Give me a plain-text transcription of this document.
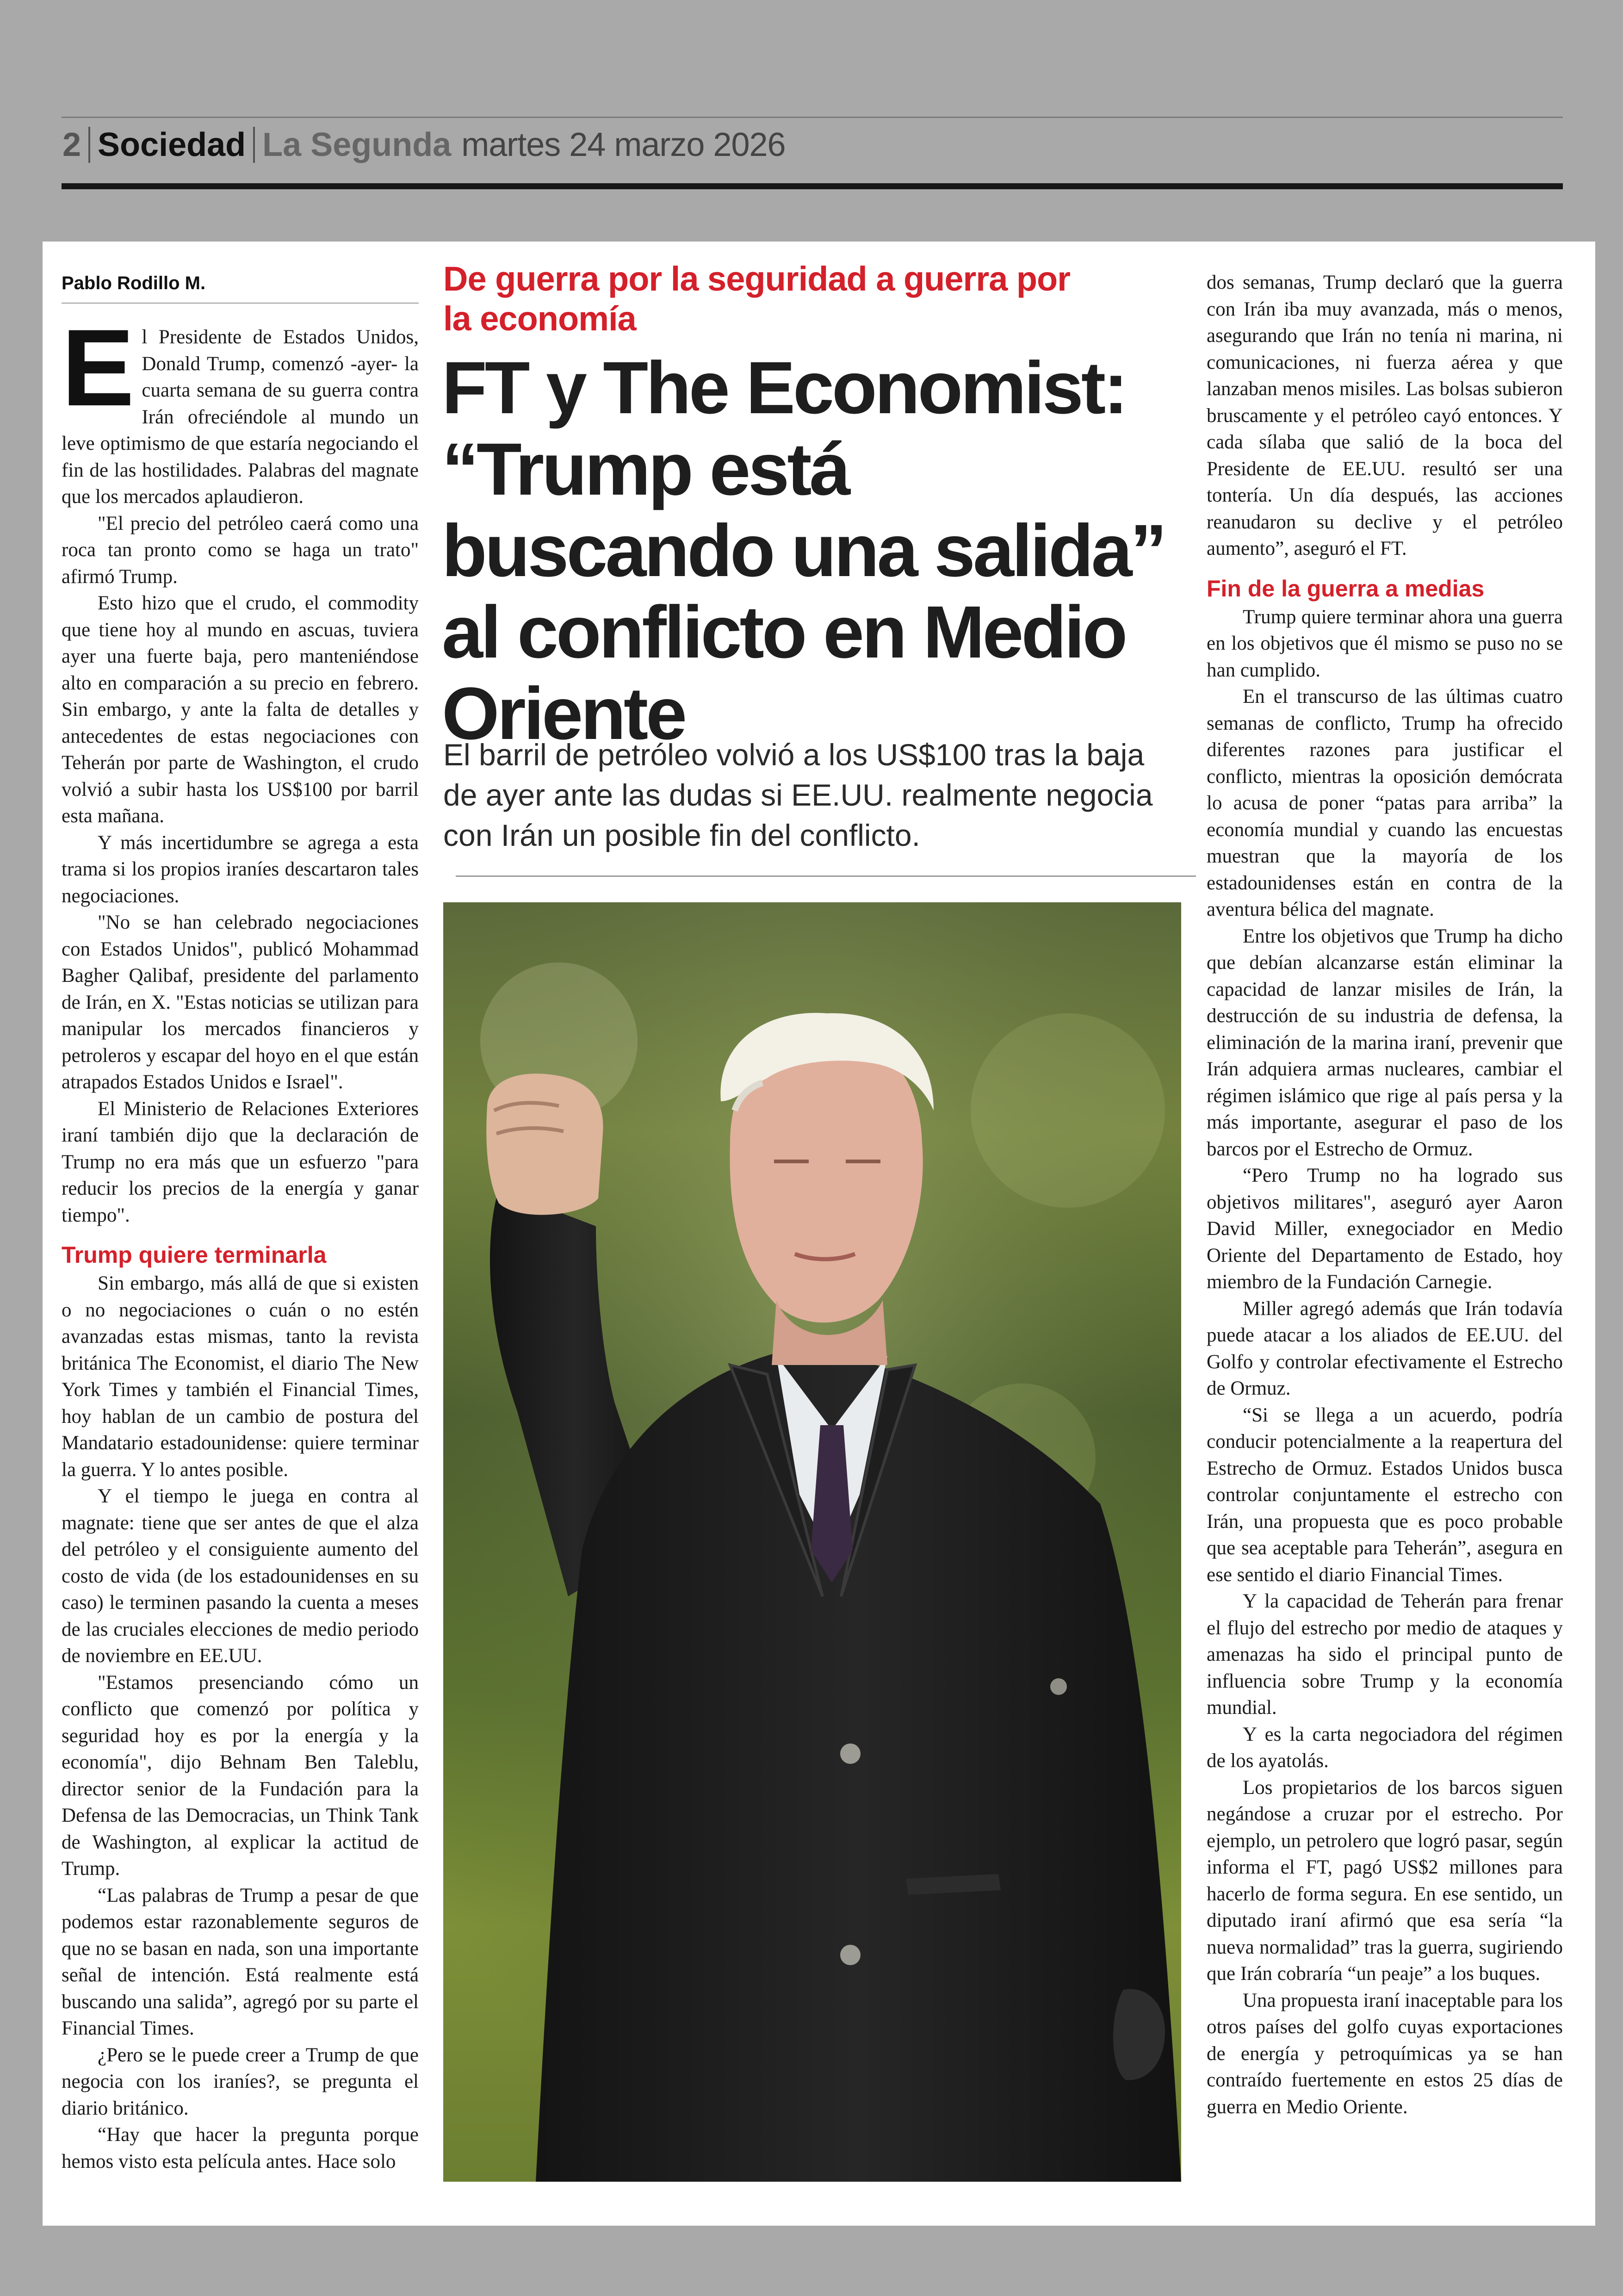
2 Sociedad La Segunda martes 24 marzo 2026
Pablo Rodillo M.

El Presidente de Estados Unidos, Donald Trump, comenzó -ayer- la cuarta semana de su guerra contra Irán ofreciéndole al mundo un leve optimismo de que estaría negociando el fin de las hostilidades. Palabras del magnate que los mercados aplaudieron.

"El precio del petróleo caerá como una roca tan pronto como se haga un trato" afirmó Trump.

Esto hizo que el crudo, el commodity que tiene hoy al mundo en ascuas, tuviera ayer una fuerte baja, pero manteniéndose alto en comparación a su precio en febrero. Sin embargo, y ante la falta de detalles y antecedentes de estas negociaciones con Teherán por parte de Washington, el crudo volvió a subir hasta los US$100 por barril esta mañana.

Y más incertidumbre se agrega a esta trama si los propios iraníes descartaron tales negociaciones.

"No se han celebrado negociaciones con Estados Unidos", publicó Mohammad Bagher Qalibaf, presidente del parlamento de Irán, en X. "Estas noticias se utilizan para manipular los mercados financieros y petroleros y escapar del hoyo en el que están atrapados Estados Unidos e Israel".

El Ministerio de Relaciones Exteriores iraní también dijo que la declaración de Trump no era más que un esfuerzo "para reducir los precios de la energía y ganar tiempo".

Trump quiere terminarla

Sin embargo, más allá de que si existen o no negociaciones o cuán o no estén avanzadas estas mismas, tanto la revista británica The Economist, el diario The New York Times y también el Financial Times, hoy hablan de un cambio de postura del Mandatario estadounidense: quiere terminar la guerra. Y lo antes posible.

Y el tiempo le juega en contra al magnate: tiene que ser antes de que el alza del petróleo y el consiguiente aumento del costo de vida (de los estadounidenses en su caso) le terminen pasando la cuenta a meses de las cruciales elecciones de medio periodo de noviembre en EE.UU.

"Estamos presenciando cómo un conflicto que comenzó por política y seguridad hoy es por la energía y la economía", dijo Behnam Ben Taleblu, director senior de la Fundación para la Defensa de las Democracias, un Think Tank de Washington, al explicar la actitud de Trump.

“Las palabras de Trump a pesar de que podemos estar razonablemente seguros de que no se basan en nada, son una importante señal de intención. Está realmente está buscando una salida”, agregó por su parte el Financial Times.

¿Pero se le puede creer a Trump de que negocia con los iraníes?, se pregunta el diario británico.

“Hay que hacer la pregunta porque hemos visto esta película antes. Hace solo

De guerra por la seguridad a guerra por la economía
FT y The Economist: “Trump está buscando una salida” al conflicto en Medio Oriente
El barril de petróleo volvió a los US$100 tras la baja de ayer ante las dudas si EE.UU. realmente negocia con Irán un posible fin del conflicto.

dos semanas, Trump declaró que la guerra con Irán iba muy avanzada, más o menos, asegurando que Irán no tenía ni marina, ni comunicaciones, ni fuerza aérea y que lanzaban menos misiles. Las bolsas subieron bruscamente y el petróleo cayó entonces. Y cada sílaba que salió de la boca del Presidente de EE.UU. resultó ser una tontería. Un día después, las acciones reanudaron su declive y el petróleo aumento”, aseguró el FT.

Fin de la guerra a medias

Trump quiere terminar ahora una guerra en los objetivos que él mismo se puso no se han cumplido.

En el transcurso de las últimas cuatro semanas de conflicto, Trump ha ofrecido diferentes razones para justificar el conflicto, mientras la oposición demócrata lo acusa de poner “patas para arriba” la economía mundial y cuando las encuestas muestran que la mayoría de los estadounidenses están en contra de la aventura bélica del magnate.

Entre los objetivos que Trump ha dicho que debían alcanzarse están eliminar la capacidad de lanzar misiles de Irán, la destrucción de su industria de defensa, la eliminación de la marina iraní, prevenir que Irán adquiera armas nucleares, cambiar el régimen islámico que rige al país persa y la más importante, asegurar el paso de los barcos por el Estrecho de Ormuz.

“Pero Trump no ha logrado sus objetivos militares", aseguró ayer Aaron David Miller, exnegociador en Medio Oriente del Departamento de Estado, hoy miembro de la Fundación Carnegie.

Miller agregó además que Irán todavía puede atacar a los aliados de EE.UU. del Golfo y controlar efectivamente el Estrecho de Ormuz.

“Si se llega a un acuerdo, podría conducir potencialmente a la reapertura del Estrecho de Ormuz. Estados Unidos busca controlar conjuntamente el estrecho con Irán, una propuesta que es poco probable que sea aceptable para Teherán”, asegura en ese sentido el diario Financial Times.

Y la capacidad de Teherán para frenar el flujo del estrecho por medio de ataques y amenazas ha sido el principal punto de influencia sobre Trump y la economía mundial.

Y es la carta negociadora del régimen de los ayatolás.

Los propietarios de los barcos siguen negándose a cruzar por el estrecho. Por ejemplo, un petrolero que logró pasar, según informa el FT, pagó US$2 millones para hacerlo de forma segura. En ese sentido, un diputado iraní afirmó que esa sería “la nueva normalidad” tras la guerra, sugiriendo que Irán cobraría “un peaje” a los buques.

Una propuesta iraní inaceptable para los otros países del golfo cuyas exportaciones de energía y petroquímicas ya se han contraído fuertemente en estos 25 días de guerra en Medio Oriente.
